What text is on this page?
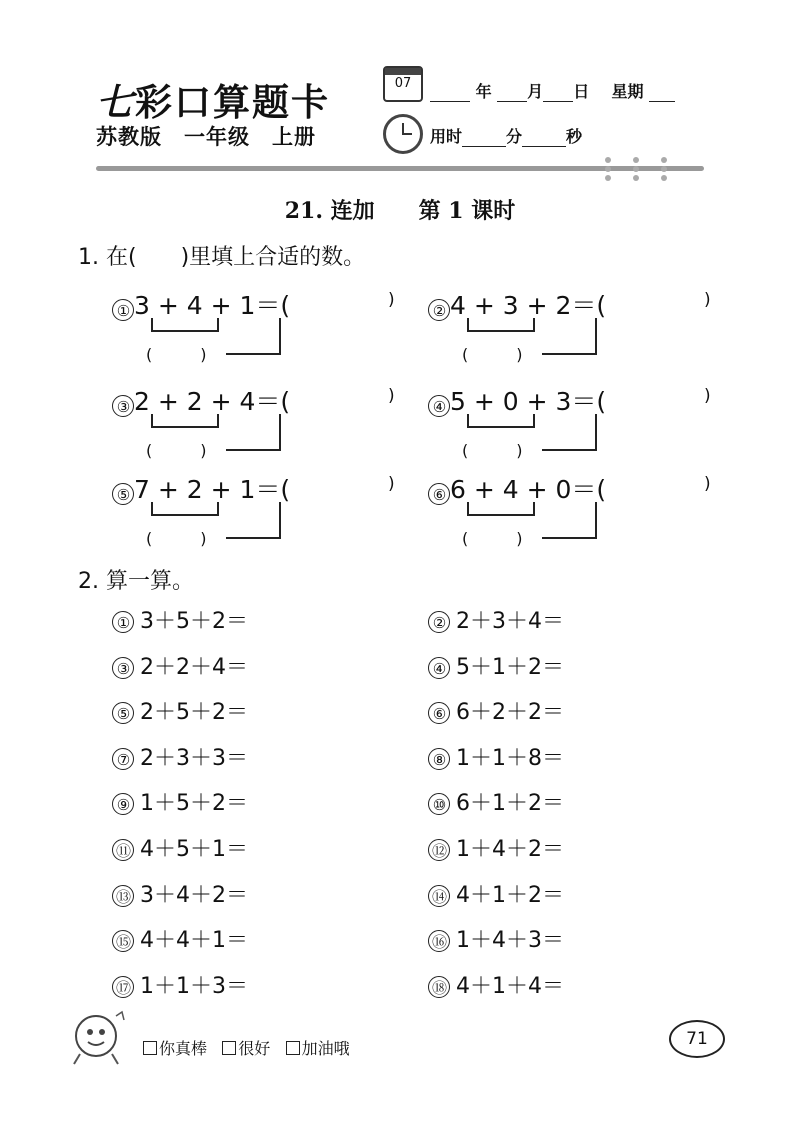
七彩口算题卡
苏教版　一年级　上册
07	年 月 日 星期
用时	分	秒
21. 连加　　第 1 课时
1. 在(　　)里填上合适的数。
① 3 + 4 + 1＝(	)
(　　　)
② 4 + 3 + 2＝(	)
(　　　)
③ 2 + 2 + 4＝(	)
(　　　)
④ 5 + 0 + 3＝(	)
(　　　)
⑤ 7 + 2 + 1＝(	)
(　　　)
⑥ 6 + 4 + 0＝(	)
(　　　)
2. 算一算。
① 3＋5＋2＝	② 2＋3＋4＝
③ 2＋2＋4＝	④ 5＋1＋2＝
⑤ 2＋5＋2＝	⑥ 6＋2＋2＝
⑦ 2＋3＋3＝	⑧ 1＋1＋8＝
⑨ 1＋5＋2＝	⑩ 6＋1＋2＝
⑪ 4＋5＋1＝	⑫ 1＋4＋2＝
⑬ 3＋4＋2＝	⑭ 4＋1＋2＝
⑮ 4＋4＋1＝	⑯ 1＋4＋3＝
⑰ 1＋1＋3＝	⑱ 4＋1＋4＝
你真棒 很好 加油哦	71
